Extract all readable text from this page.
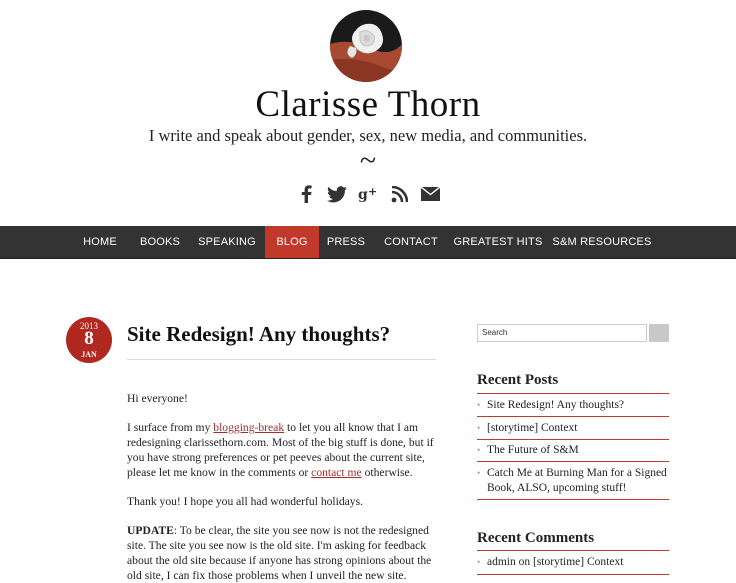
Clarisse Thorn
I write and speak about gender, sex, new media, and communities.
~
g +
HOME	BOOKS	SPEAKING	BLOG	PRESS	CONTACT	GREATEST HITS S&M RESOURCES
2013
8
JAN
Site Redesign! Any thoughts?

Hi everyone!

I surface from my blogging-break to let you all know that I am redesigning clarissethorn.com. Most of the big stuff is done, but if you have strong preferences or pet peeves about the current site, please let me know in the comments or contact me otherwise.

Thank you! I hope you all had wonderful holidays.

UPDATE: To be clear, the site you see now is not the redesigned site. The site you see now is the old site. I'm asking for feedback about the old site because if anyone has strong opinions about the old site, I can fix those problems when I unveil the new site.

Search
Recent Posts
• Site Redesign! Any thoughts?
• [storytime] Context
• The Future of S&M
• Catch Me at Burning Man for a Signed Book, ALSO, upcoming stuff!
Recent Comments
• admin on [storytime] Context
